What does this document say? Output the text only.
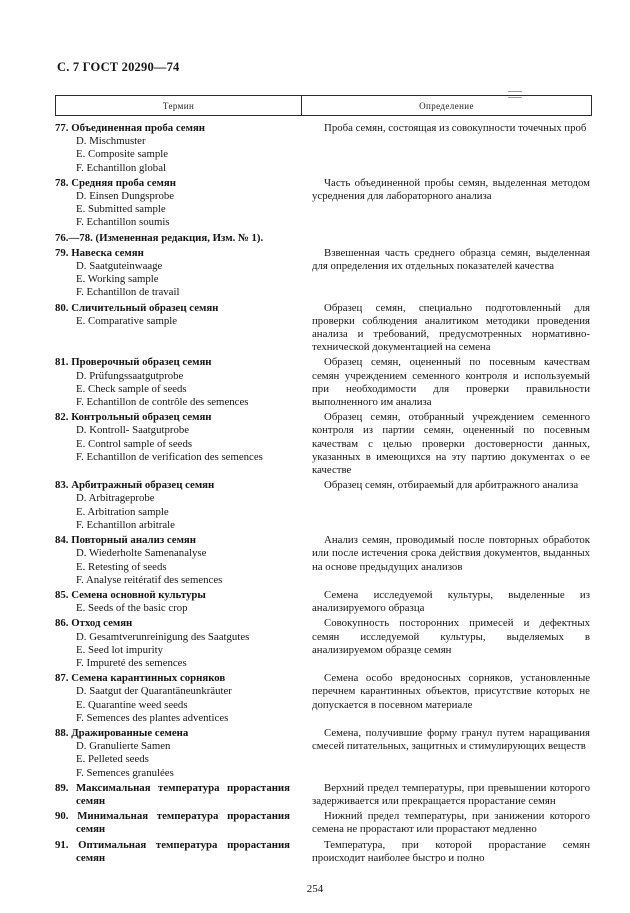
С. 7 ГОСТ 20290—74
Термин	Определение
77. Объединенная проба семян
D. Mischmuster
E. Composite sample
F. Echantillon global
Проба семян, состоящая из совокупности точечных проб
78. Средняя проба семян
D. Einsen Dungsprobe
E. Submitted sample
F. Echantillon soumis
Часть объединенной пробы семян, выделенная методом усреднения для лабораторного анализа
76.—78. (Измененная редакция, Изм. № 1).
79. Навеска семян
D. Saatguteinwaage
E. Working sample
F. Echantillon de travail
Взвешенная часть среднего образца семян, выделенная для определения их отдельных показателей качества
80. Сличительный образец семян
E. Comparative sample
Образец семян, специально подготовленный для проверки соблюдения аналитиком методики проведения анализа и требований, предусмотренных нормативно-технической документацией на семена
81. Проверочный образец семян
D. Prüfungssaatgutprobe
E. Check sample of seeds
F. Echantillon de contrôle des semences
Образец семян, оцененный по посевным качествам семян учреждением семенного контроля и используемый при необходимости для проверки правильности выполненного им анализа
82. Контрольный образец семян
D. Kontroll- Saatgutprobe
E. Control sample of seeds
F. Echantillon de verification des semences
Образец семян, отобранный учреждением семенного контроля из партии семян, оцененный по посевным качествам с целью проверки достоверности данных, указанных в имеющихся на эту партию документах о ее качестве
83. Арбитражный образец семян
D. Arbitrageprobe
E. Arbitration sample
F. Echantillon arbitrale
Образец семян, отбираемый для арбитражного анализа
84. Повторный анализ семян
D. Wiederholte Samenanalyse
E. Retesting of seeds
F. Analyse reitératif des semences
Анализ семян, проводимый после повторных обработок или после истечения срока действия документов, выданных на основе предыдущих анализов
85. Семена основной культуры
E. Seeds of the basic crop
Семена исследуемой культуры, выделенные из анализируемого образца
86. Отход семян
D. Gesamtverunreinigung des Saatgutes
E. Seed lot impurity
F. Impureté des semences
Совокупность посторонних примесей и дефектных семян исследуемой культуры, выделяемых в анализируемом образце семян
87. Семена карантинных сорняков
D. Saatgut der Quarantäneunkräuter
E. Quarantine weed seeds
F. Semences des plantes adventices
Семена особо вредоносных сорняков, установленные перечнем карантинных объектов, присутствие которых не допускается в посевном материале
88. Дражированные семена
D. Granulierte Samen
E. Pelleted seeds
F. Semences granulées
Семена, получившие форму гранул путем наращивания смесей питательных, защитных и стимулирующих веществ
89. Максимальная температура прорастания семян
Верхний предел температуры, при превышении которого задерживается или прекращается прорастание семян
90. Минимальная температура прорастания семян
Нижний предел температуры, при занижении которого семена не прорастают или прорастают медленно
91. Оптимальная температура прорастания семян
Температура, при которой прорастание семян происходит наиболее быстро и полно
254
